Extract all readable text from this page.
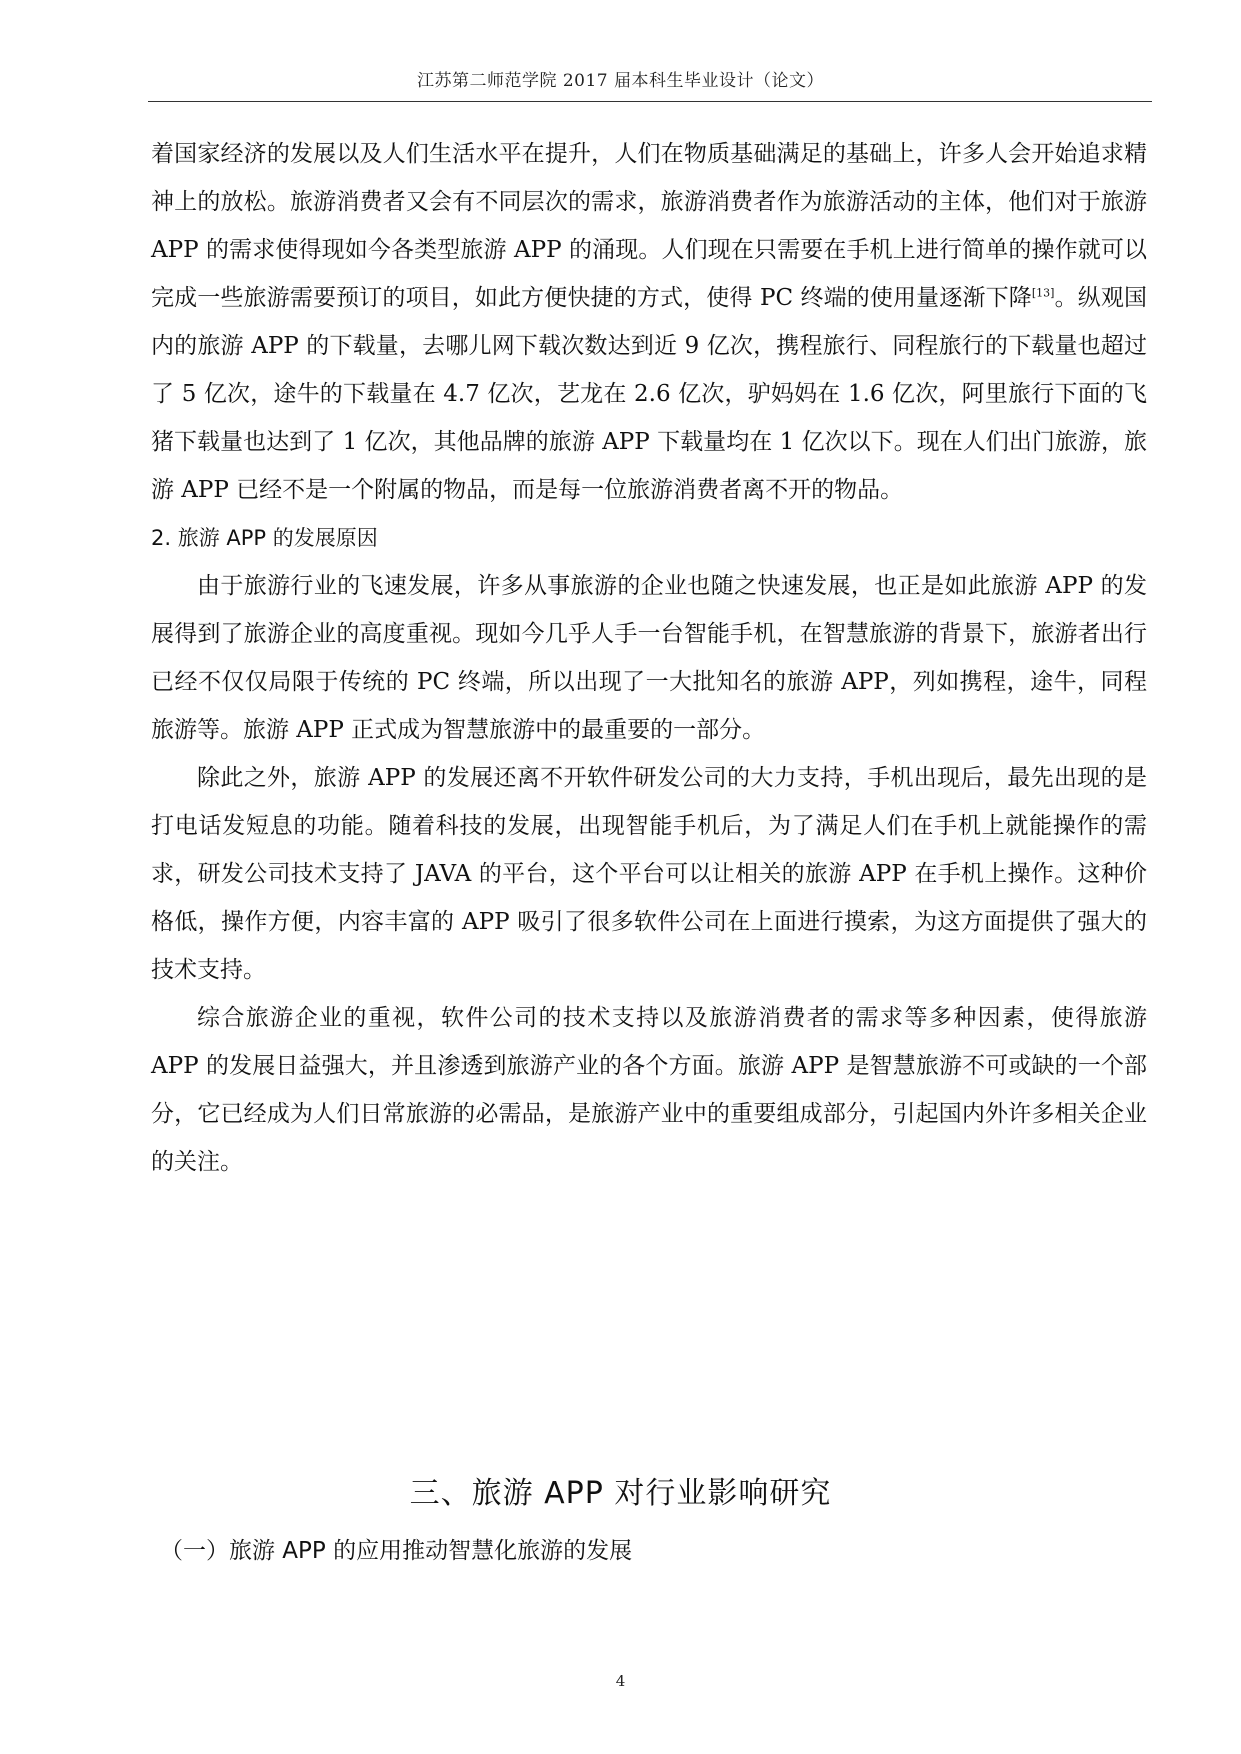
江苏第二师范学院 2017 届本科生毕业设计（论文）

着国家经济的发展以及人们生活水平在提升，人们在物质基础满足的基础上，许多人会开始追求精神上的放松。旅游消费者又会有不同层次的需求，旅游消费者作为旅游活动的主体，他们对于旅游 APP 的需求使得现如今各类型旅游 APP 的涌现。人们现在只需要在手机上进行简单的操作就可以完成一些旅游需要预订的项目，如此方便快捷的方式，使得 PC 终端的使用量逐渐下降[13]。纵观国内的旅游 APP 的下载量，去哪儿网下载次数达到近 9 亿次，携程旅行、同程旅行的下载量也超过了 5 亿次，途牛的下载量在 4.7 亿次，艺龙在 2.6 亿次，驴妈妈在 1.6 亿次，阿里旅行下面的飞猪下载量也达到了 1 亿次，其他品牌的旅游 APP 下载量均在 1 亿次以下。现在人们出门旅游，旅游 APP 已经不是一个附属的物品，而是每一位旅游消费者离不开的物品。

2. 旅游 APP 的发展原因

由于旅游行业的飞速发展，许多从事旅游的企业也随之快速发展，也正是如此旅游 APP 的发展得到了旅游企业的高度重视。现如今几乎人手一台智能手机，在智慧旅游的背景下，旅游者出行已经不仅仅局限于传统的 PC 终端，所以出现了一大批知名的旅游 APP，列如携程，途牛，同程旅游等。旅游 APP 正式成为智慧旅游中的最重要的一部分。

除此之外，旅游 APP 的发展还离不开软件研发公司的大力支持，手机出现后，最先出现的是打电话发短息的功能。随着科技的发展，出现智能手机后，为了满足人们在手机上就能操作的需求，研发公司技术支持了 JAVA 的平台，这个平台可以让相关的旅游 APP 在手机上操作。这种价格低，操作方便，内容丰富的 APP 吸引了很多软件公司在上面进行摸索，为这方面提供了强大的技术支持。

综合旅游企业的重视，软件公司的技术支持以及旅游消费者的需求等多种因素，使得旅游 APP 的发展日益强大，并且渗透到旅游产业的各个方面。旅游 APP 是智慧旅游不可或缺的一个部分，它已经成为人们日常旅游的必需品，是旅游产业中的重要组成部分，引起国内外许多相关企业的关注。

三、旅游 APP 对行业影响研究
（一）旅游 APP 的应用推动智慧化旅游的发展
4
